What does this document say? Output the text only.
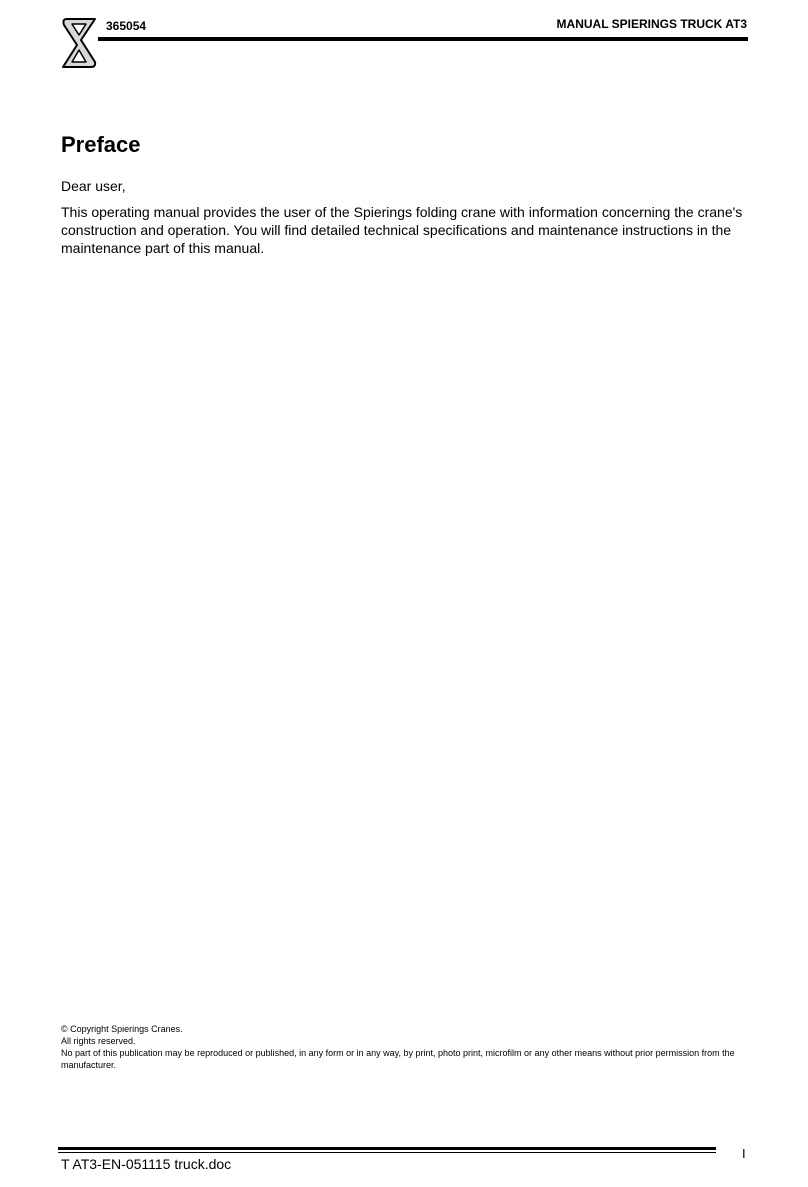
365054	MANUAL SPIERINGS TRUCK AT3
Preface

Dear user,

This operating manual provides the user of the Spierings folding crane with information concerning the crane's construction and operation. You will find detailed technical specifications and maintenance instructions in the maintenance part of this manual.

© Copyright Spierings Cranes.

All rights reserved.

No part of this publication may be reproduced or published, in any form or in any way, by print, photo print, microfilm or any other means without prior permission from the manufacturer.

T AT3-EN-051115 truck.doc
I
